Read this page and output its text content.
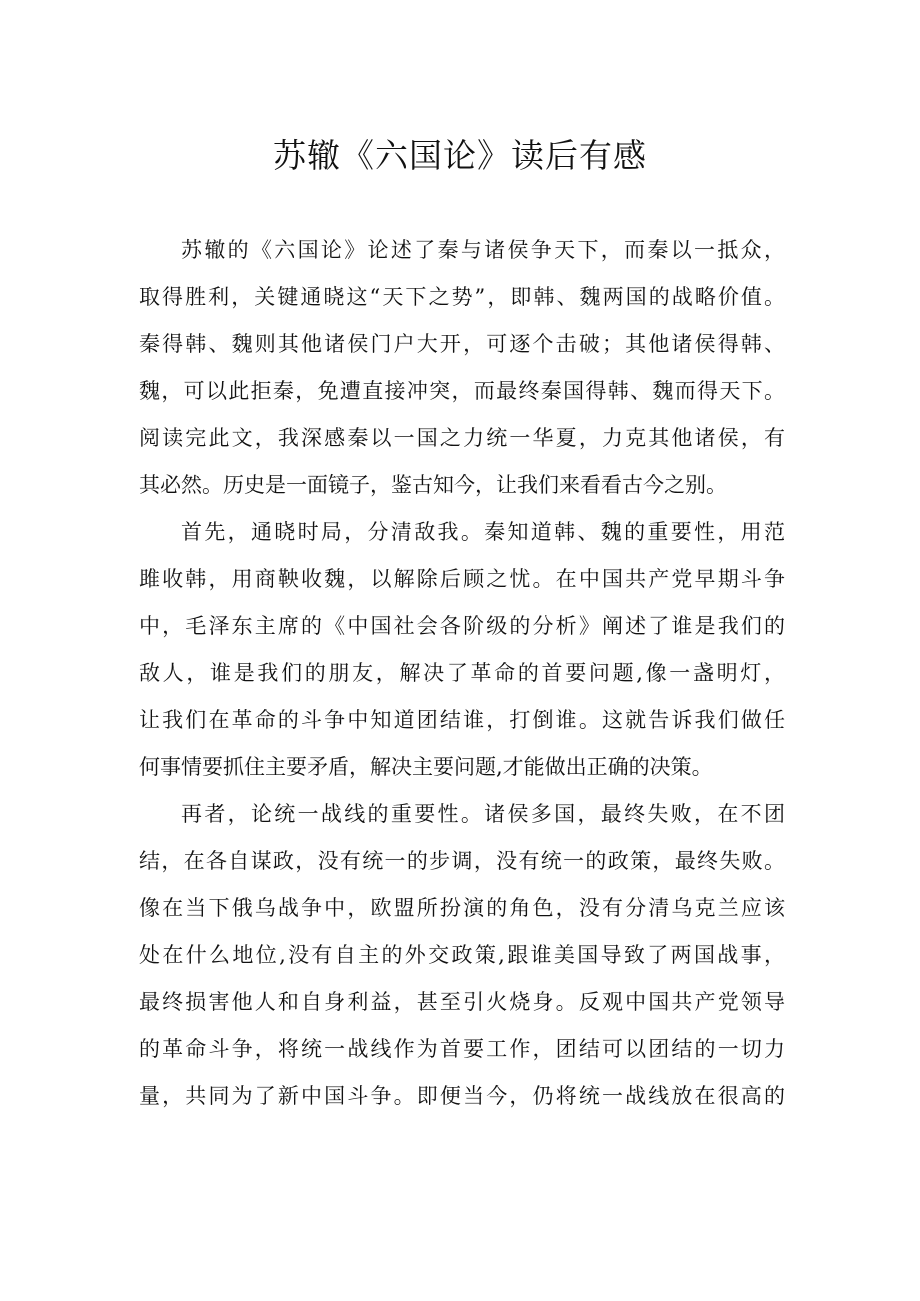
苏辙《六国论》读后有感
苏辙的《六国论》论述了秦与诸侯争天下，而秦以一抵众，
取得胜利，关键通晓这“天下之势”，即韩、魏两国的战略价值。
秦得韩、魏则其他诸侯门户大开，可逐个击破；其他诸侯得韩、
魏，可以此拒秦，免遭直接冲突，而最终秦国得韩、魏而得天下。
阅读完此文，我深感秦以一国之力统一华夏，力克其他诸侯，有
其必然。历史是一面镜子，鉴古知今，让我们来看看古今之别。
首先，通晓时局，分清敌我。秦知道韩、魏的重要性，用范
雎收韩，用商鞅收魏，以解除后顾之忧。在中国共产党早期斗争
中，毛泽东主席的《中国社会各阶级的分析》阐述了谁是我们的
敌人，谁是我们的朋友，解决了革命的首要问题,像一盏明灯，
让我们在革命的斗争中知道团结谁，打倒谁。这就告诉我们做任
何事情要抓住主要矛盾，解决主要问题,才能做出正确的决策。
再者，论统一战线的重要性。诸侯多国，最终失败，在不团
结，在各自谋政，没有统一的步调，没有统一的政策，最终失败。
像在当下俄乌战争中，欧盟所扮演的角色，没有分清乌克兰应该
处在什么地位,没有自主的外交政策,跟谁美国导致了两国战事，
最终损害他人和自身利益，甚至引火烧身。反观中国共产党领导
的革命斗争，将统一战线作为首要工作，团结可以团结的一切力
量，共同为了新中国斗争。即便当今，仍将统一战线放在很高的
